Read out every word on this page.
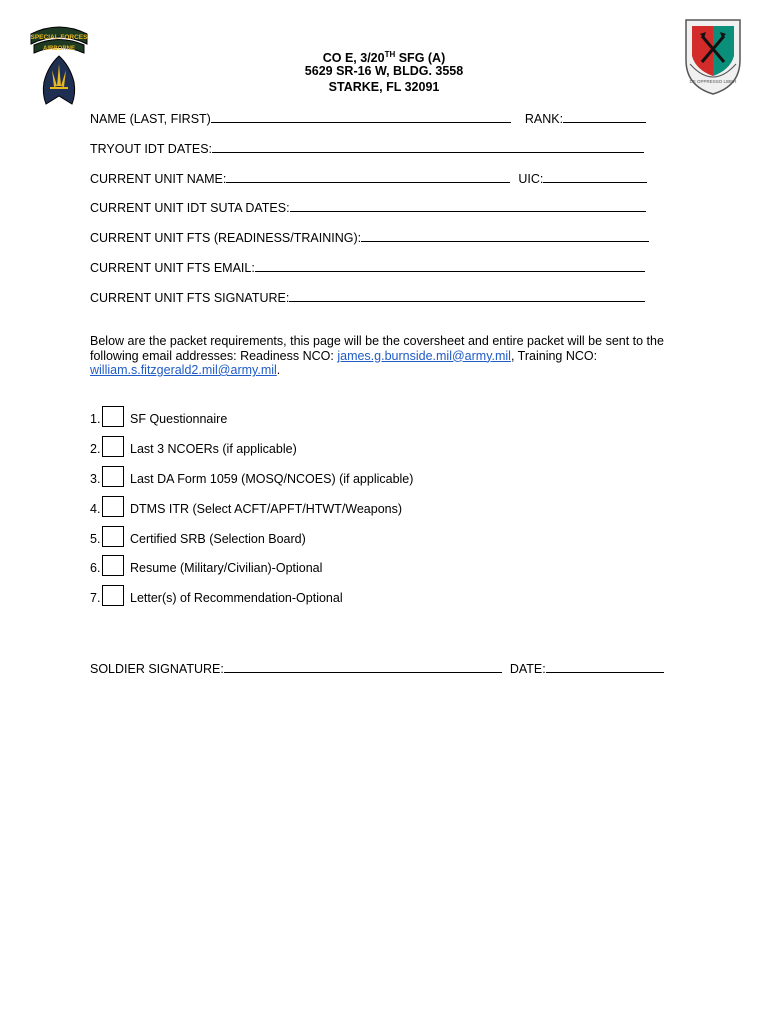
SPECIAL FORCES
AIRBORNE
DE OPPRESSO LIBER
CO E, 3/20TH SFG (A)
5629 SR-16 W, BLDG. 3558
STARKE, FL 32091
NAME (LAST, FIRST)	RANK:
TRYOUT IDT DATES:
CURRENT UNIT NAME:	UIC:
CURRENT UNIT IDT SUTA DATES:
CURRENT UNIT FTS (READINESS/TRAINING):
CURRENT UNIT FTS EMAIL:
CURRENT UNIT FTS SIGNATURE:
Below are the packet requirements, this page will be the coversheet and entire packet will be sent to the following email addresses: Readiness NCO: james.g.burnside.mil@army.mil, Training NCO: william.s.fitzgerald2.mil@army.mil.
1. SF Questionnaire
2. Last 3 NCOERs (if applicable)
3. Last DA Form 1059 (MOSQ/NCOES) (if applicable)
4. DTMS ITR (Select ACFT/APFT/HTWT/Weapons)
5. Certified SRB (Selection Board)
6. Resume (Military/Civilian)-Optional
7. Letter(s) of Recommendation-Optional
SOLDIER SIGNATURE:	DATE:
